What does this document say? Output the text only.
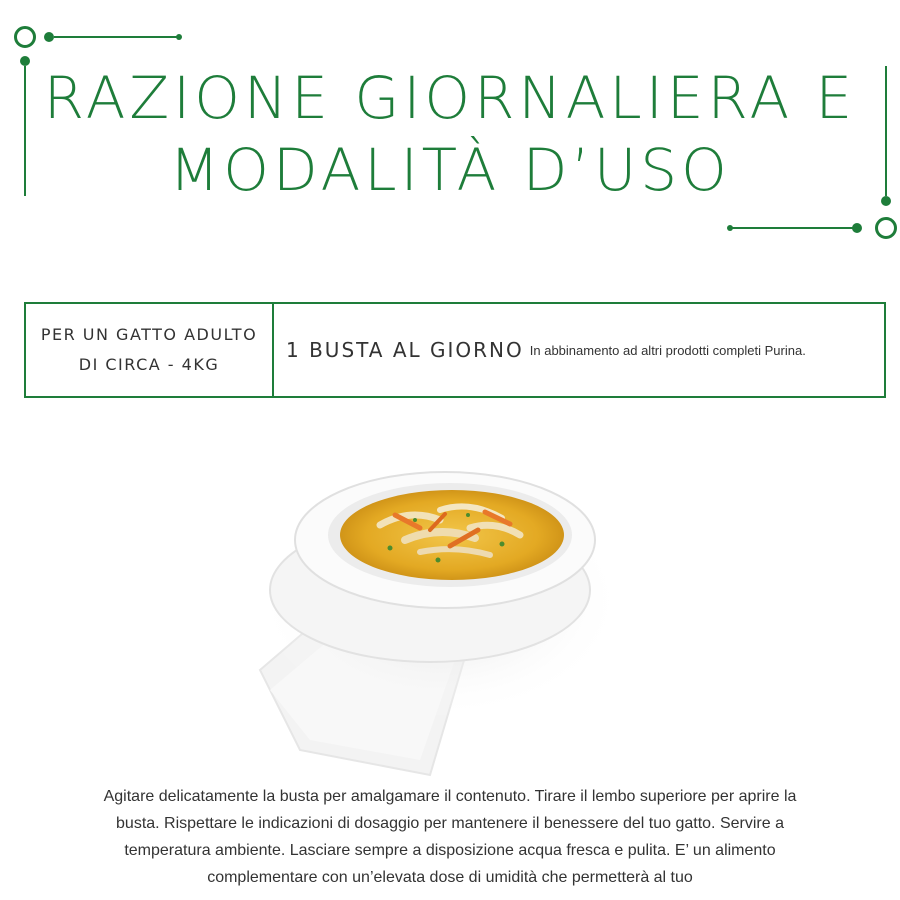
RAZIONE GIORNALIERA E
MODALITÀ D’USO
PER UN GATTO ADULTO
DI CIRCA - 4KG
1 BUSTA AL GIORNO In abbinamento ad altri prodotti completi Purina.
Agitare delicatamente la busta per amalgamare il contenuto. Tirare il lembo superiore per aprire la busta. Rispettare le indicazioni di dosaggio per mantenere il benessere del tuo gatto. Servire a temperatura ambiente. Lasciare sempre a disposizione acqua fresca e pulita. E’ un alimento complementare con un’elevata dose di umidità che permetterà al tuo
